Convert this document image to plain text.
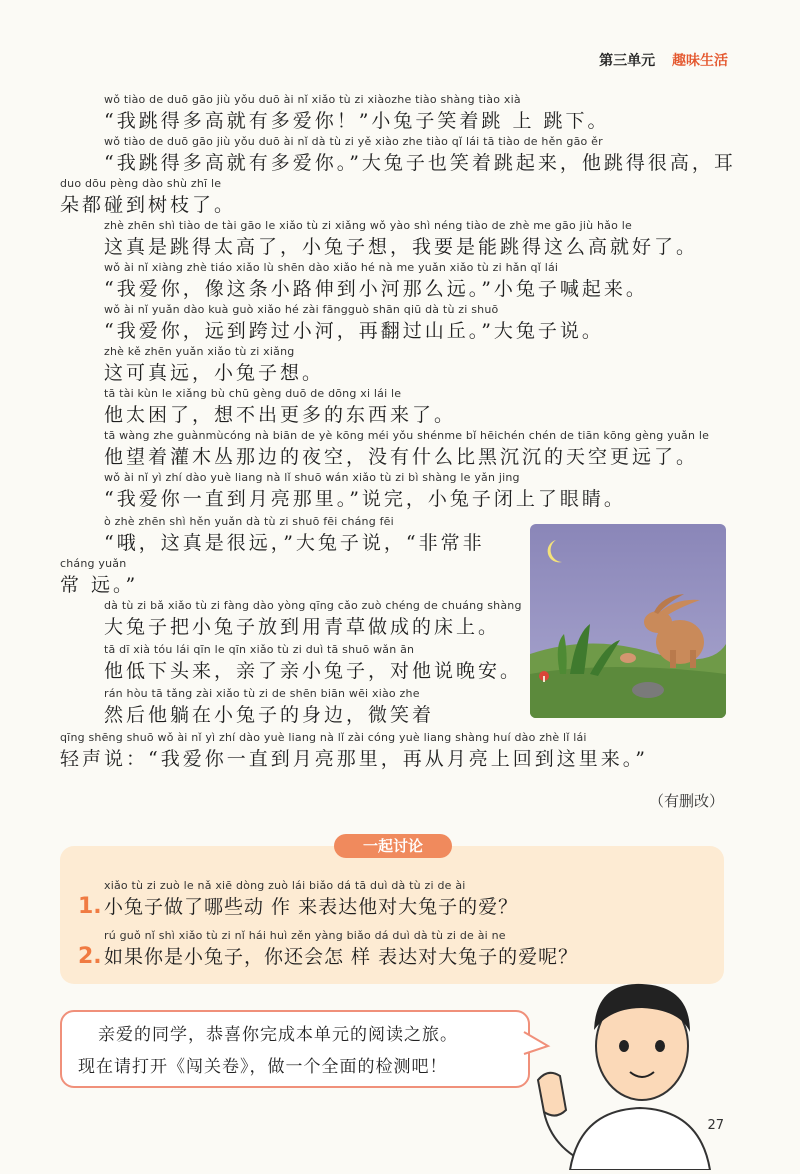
第三单元 趣味生活
wǒ tiào de duō gāo jiù yǒu duō ài nǐ xiǎo tù zi xiàozhe tiào shàng tiào xià
“我跳得多高就有多爱你！”小兔子笑着跳 上 跳下。
wǒ tiào de duō gāo jiù yǒu duō ài nǐ dà tù zi yě xiào zhe tiào qǐ lái tā tiào de hěn gāo ěr
“我跳得多高就有多爱你。”大兔子也笑着跳起来，他跳得很高，耳
duo dōu pèng dào shù zhī le
朵都碰到树枝了。
zhè zhēn shì tiào de tài gāo le xiǎo tù zi xiǎng wǒ yào shì néng tiào de zhè me gāo jiù hǎo le
这真是跳得太高了，小兔子想，我要是能跳得这么高就好了。
wǒ ài nǐ xiàng zhè tiáo xiǎo lù shēn dào xiǎo hé nà me yuǎn xiǎo tù zi hǎn qǐ lái
“我爱你，像这条小路伸到小河那么远。”小兔子喊起来。
wǒ ài nǐ yuǎn dào kuà guò xiǎo hé zài fāngguò shān qiū dà tù zi shuō
“我爱你，远到跨过小河，再翻过山丘。”大兔子说。
zhè kě zhēn yuǎn xiǎo tù zi xiǎng
这可真远，小兔子想。
tā tài kùn le xiǎng bù chū gèng duō de dōng xi lái le
他太困了，想不出更多的东西来了。
tā wàng zhe guànmùcóng nà biān de yè kōng méi yǒu shénme bǐ hēichén chén de tiān kōng gèng yuǎn le
他望着灌木丛那边的夜空，没有什么比黑沉沉的天空更远了。
wǒ ài nǐ yì zhí dào yuè liang nà lǐ shuō wán xiǎo tù zi bì shàng le yǎn jing
“我爱你一直到月亮那里。”说完，小兔子闭上了眼睛。
ò zhè zhēn shì hěn yuǎn dà tù zi shuō fēi cháng fēi
“哦，这真是很远，”大兔子说，“非常非
cháng yuǎn
常 远。”
dà tù zi bǎ xiǎo tù zi fàng dào yòng qīng cǎo zuò chéng de chuáng shàng
大兔子把小兔子放到用青草做成的床上。
tā dī xià tóu lái qīn le qīn xiǎo tù zi duì tā shuō wǎn ān
他低下头来，亲了亲小兔子，对他说晚安。
rán hòu tā tǎng zài xiǎo tù zi de shēn biān wēi xiào zhe
然后他躺在小兔子的身边，微笑着
qīng shēng shuō wǒ ài nǐ yì zhí dào yuè liang nà lǐ zài cóng yuè liang shàng huí dào zhè lǐ lái
轻声说：“我爱你一直到月亮那里，再从月亮上回到这里来。”
（有删改）
一起讨论
1.
xiǎo tù zi zuò le nǎ xiē dòng zuò lái biǎo dá tā duì dà tù zi de ài
小兔子做了哪些动 作 来表达他对大兔子的爱？
2.
rú guǒ nǐ shì xiǎo tù zi nǐ hái huì zěn yàng biǎo dá duì dà tù zi de ài ne
如果你是小兔子，你还会怎 样 表达对大兔子的爱呢？
亲爱的同学，恭喜你完成本单元的阅读之旅。
现在请打开《闯关卷》，做一个全面的检测吧！
27
